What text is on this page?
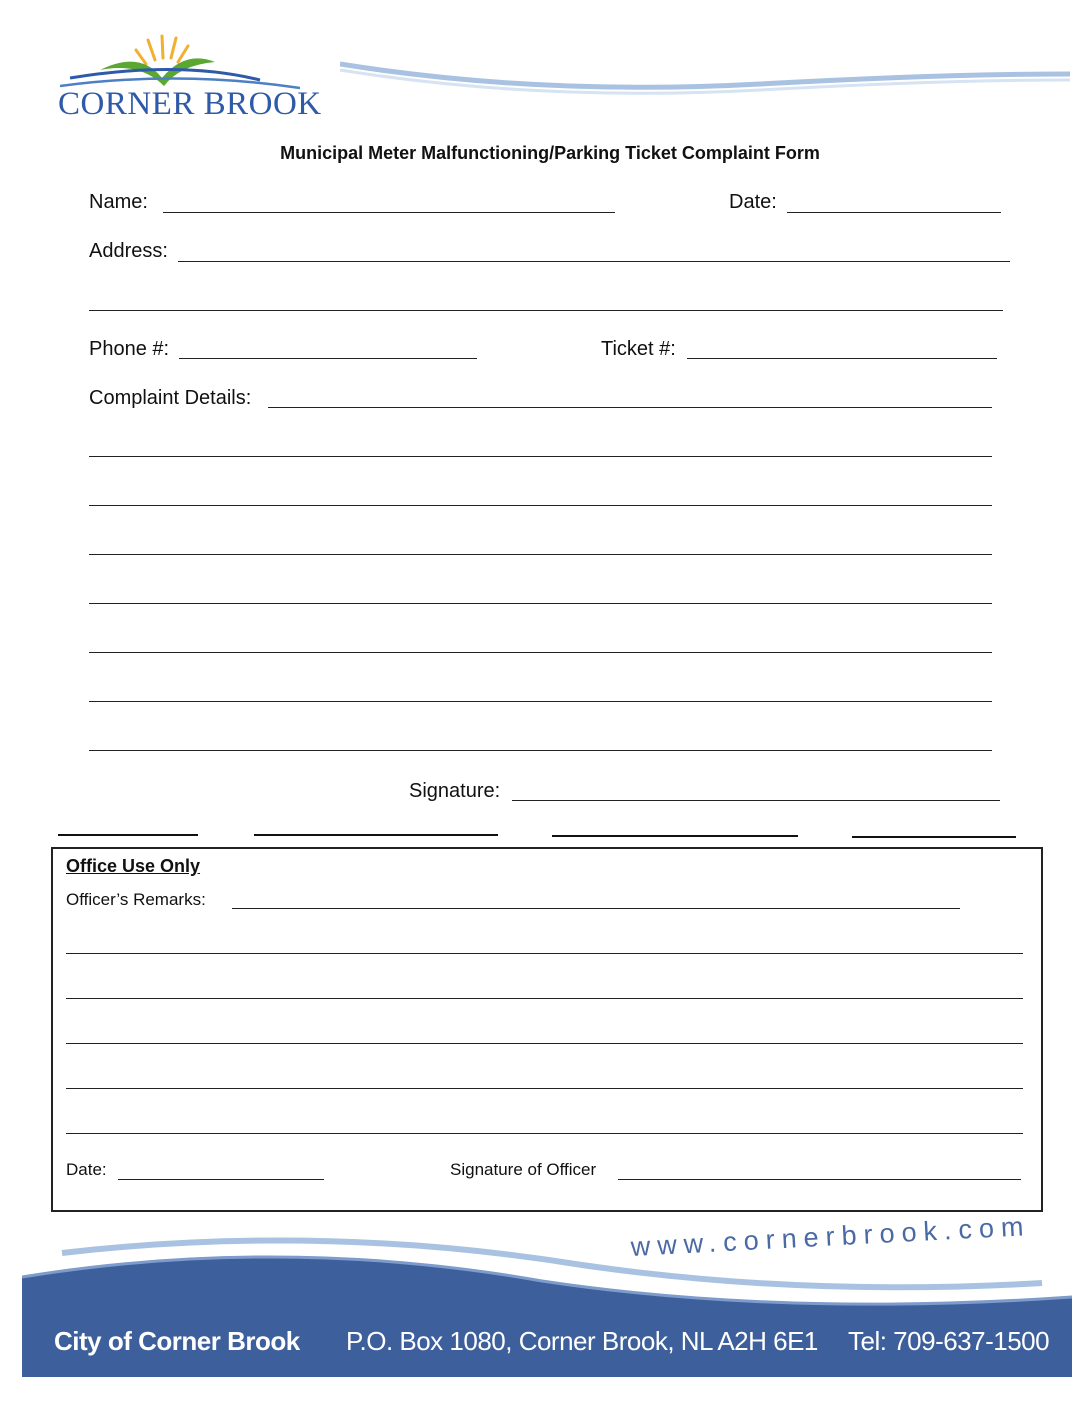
CORNER BROOK
Municipal Meter Malfunctioning/Parking Ticket Complaint Form
Name:	Date:
Address:
Phone #:	Ticket #:
Complaint Details:
Signature:
Office Use Only
Officer’s Remarks:
Date:	Signature of Officer
www.cornerbrook.com
City of Corner Brook P.O. Box 1080, Corner Brook, NL A2H 6E1 Tel: 709-637-1500
